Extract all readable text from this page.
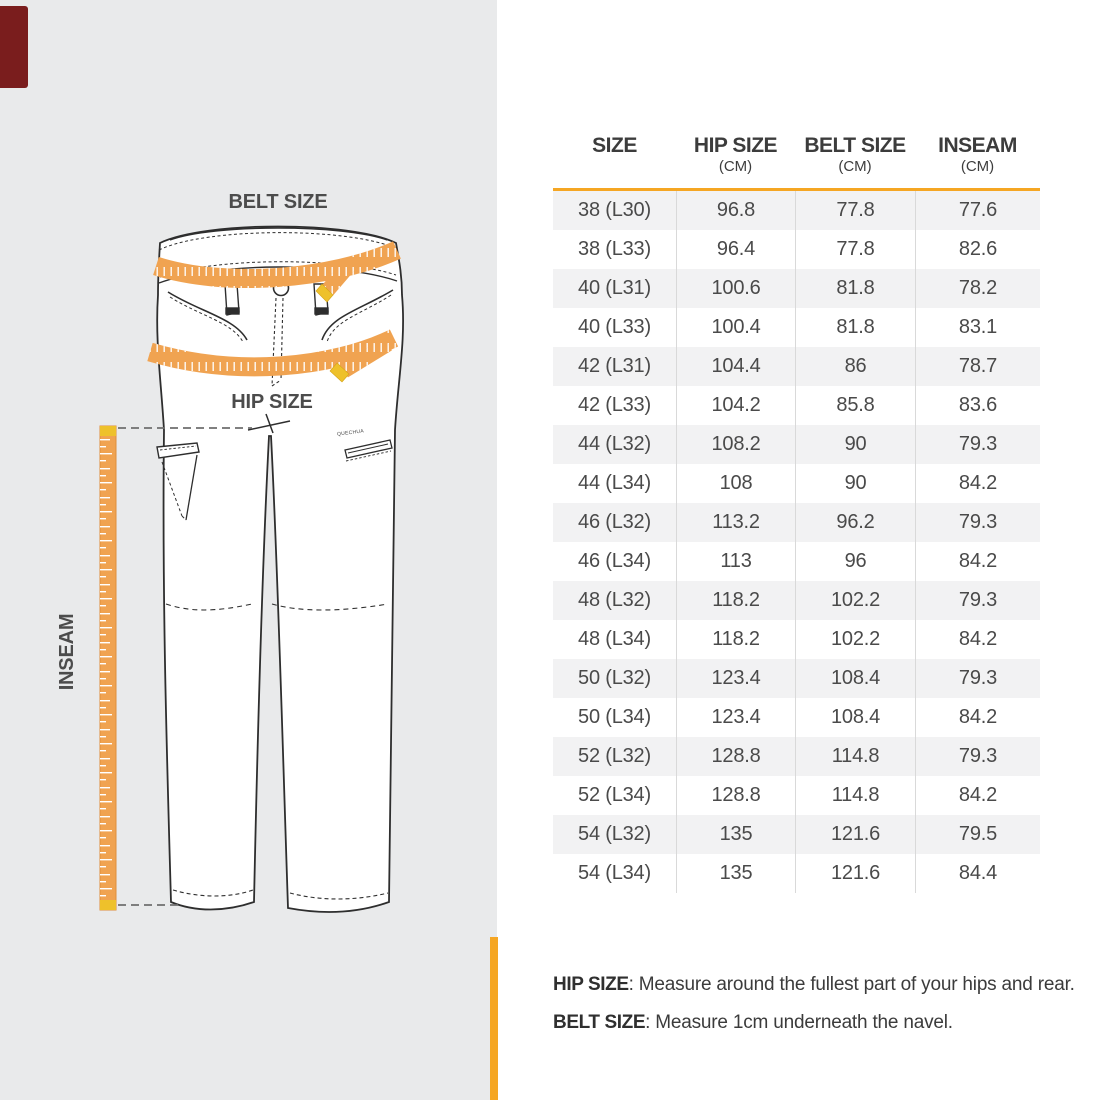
BELT SIZE
HIP SIZE
INSEAM
QUECHUA
SIZE	HIP SIZE
(CM)
BELT SIZE
(CM)
INSEAM
(CM)
38 (L30)	96.8	77.8	77.6
38 (L33)	96.4	77.8	82.6
40 (L31)	100.6	81.8	78.2
40 (L33)	100.4	81.8	83.1
42 (L31)	104.4	86	78.7
42 (L33)	104.2	85.8	83.6
44 (L32)	108.2	90	79.3
44 (L34)	108	90	84.2
46 (L32)	113.2	96.2	79.3
46 (L34)	113	96	84.2
48 (L32)	118.2	102.2	79.3
48 (L34)	118.2	102.2	84.2
50 (L32)	123.4	108.4	79.3
50 (L34)	123.4	108.4	84.2
52 (L32)	128.8	114.8	79.3
52 (L34)	128.8	114.8	84.2
54 (L32)	135	121.6	79.5
54 (L34)	135	121.6	84.4
HIP SIZE: Measure around the fullest part of your hips and rear.
BELT SIZE: Measure 1cm underneath the navel.
